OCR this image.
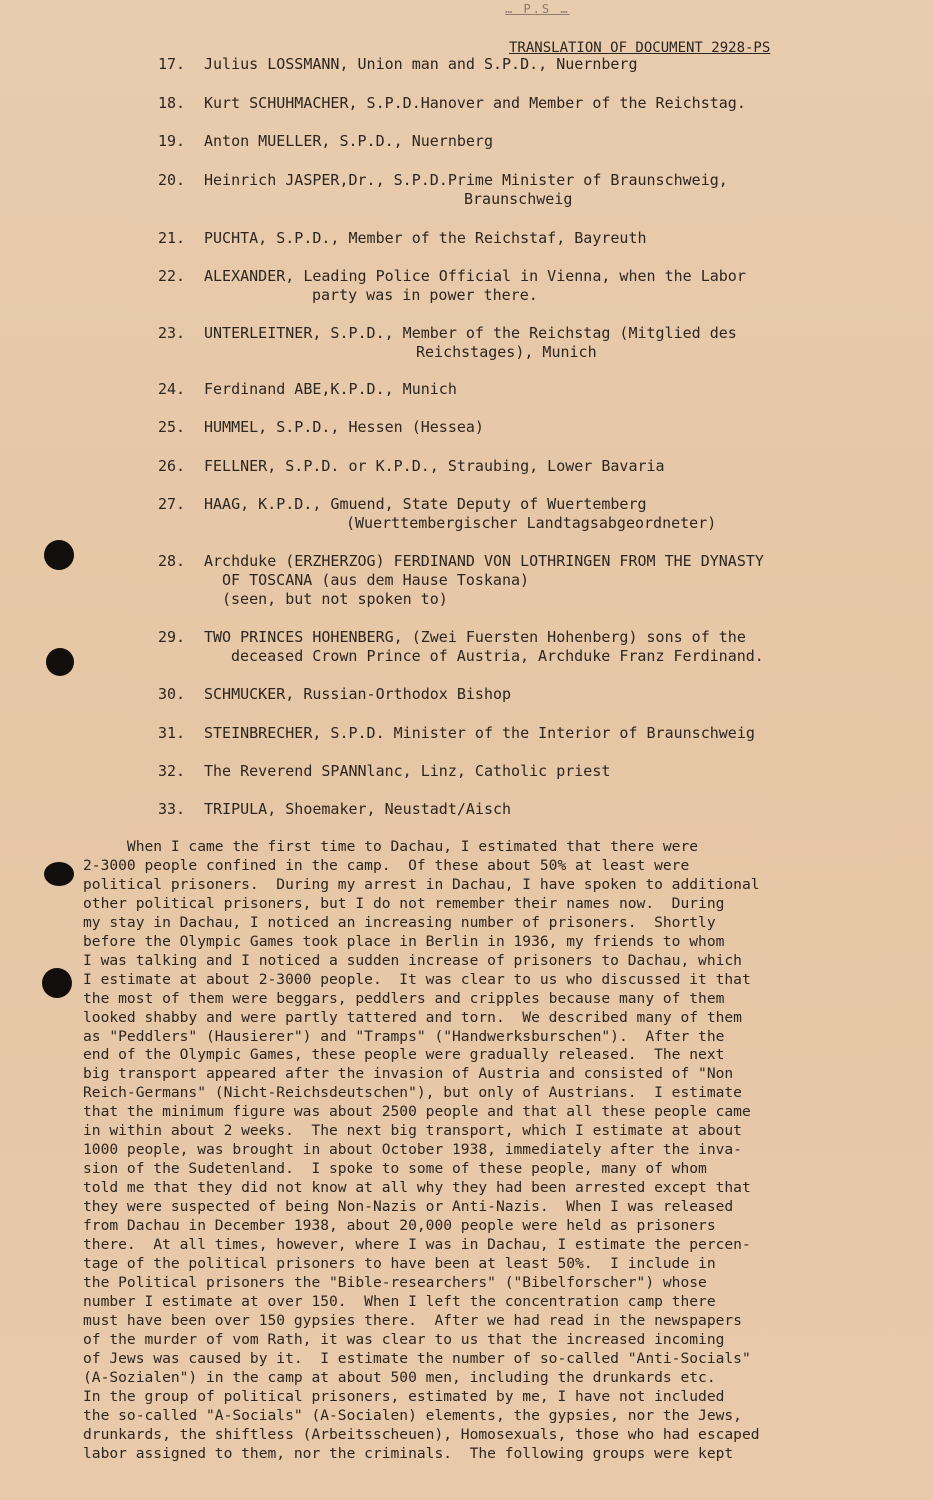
… P.S …
TRANSLATION OF DOCUMENT 2928-PS
17. Julius LOSSMANN, Union man and S.P.D., Nuernberg
18. Kurt SCHUHMACHER, S.P.D.Hanover and Member of the Reichstag.
19. Anton MUELLER, S.P.D., Nuernberg
20. Heinrich JASPER,Dr., S.P.D.Prime Minister of Braunschweig,
Braunschweig
21. PUCHTA, S.P.D., Member of the Reichstaf, Bayreuth
22. ALEXANDER, Leading Police Official in Vienna, when the Labor
party was in power there.
23. UNTERLEITNER, S.P.D., Member of the Reichstag (Mitglied des
Reichstages), Munich
24. Ferdinand ABE,K.P.D., Munich
25. HUMMEL, S.P.D., Hessen (Hessea)
26. FELLNER, S.P.D. or K.P.D., Straubing, Lower Bavaria
27. HAAG, K.P.D., Gmuend, State Deputy of Wuertemberg
(Wuerttembergischer Landtagsabgeordneter)
28. Archduke (ERZHERZOG) FERDINAND VON LOTHRINGEN FROM THE DYNASTY
OF TOSCANA (aus dem Hause Toskana)
(seen, but not spoken to)
29. TWO PRINCES HOHENBERG, (Zwei Fuersten Hohenberg) sons of the
deceased Crown Prince of Austria, Archduke Franz Ferdinand.
30. SCHMUCKER, Russian-Orthodox Bishop
31. STEINBRECHER, S.P.D. Minister of the Interior of Braunschweig
32. The Reverend SPANNlanc, Linz, Catholic priest
33. TRIPULA, Shoemaker, Neustadt/Aisch
When I came the first time to Dachau, I estimated that there were
2-3000 people confined in the camp.  Of these about 50% at least were
political prisoners.  During my arrest in Dachau, I have spoken to additional
other political prisoners, but I do not remember their names now.  During
my stay in Dachau, I noticed an increasing number of prisoners.  Shortly
before the Olympic Games took place in Berlin in 1936, my friends to whom
I was talking and I noticed a sudden increase of prisoners to Dachau, which
I estimate at about 2-3000 people.  It was clear to us who discussed it that
the most of them were beggars, peddlers and cripples because many of them
looked shabby and were partly tattered and torn.  We described many of them
as "Peddlers" (Hausierer") and "Tramps" ("Handwerksburschen").  After the
end of the Olympic Games, these people were gradually released.  The next
big transport appeared after the invasion of Austria and consisted of "Non
Reich-Germans" (Nicht-Reichsdeutschen"), but only of Austrians.  I estimate
that the minimum figure was about 2500 people and that all these people came
in within about 2 weeks.  The next big transport, which I estimate at about
1000 people, was brought in about October 1938, immediately after the inva-
sion of the Sudetenland.  I spoke to some of these people, many of whom
told me that they did not know at all why they had been arrested except that
they were suspected of being Non-Nazis or Anti-Nazis.  When I was released
from Dachau in December 1938, about 20,000 people were held as prisoners
there.  At all times, however, where I was in Dachau, I estimate the percen-
tage of the political prisoners to have been at least 50%.  I include in
the Political prisoners the "Bible-researchers" ("Bibelforscher") whose
number I estimate at over 150.  When I left the concentration camp there
must have been over 150 gypsies there.  After we had read in the newspapers
of the murder of vom Rath, it was clear to us that the increased incoming
of Jews was caused by it.  I estimate the number of so-called "Anti-Socials"
(A-Sozialen") in the camp at about 500 men, including the drunkards etc.
In the group of political prisoners, estimated by me, I have not included
the so-called "A-Socials" (A-Socialen) elements, the gypsies, nor the Jews,
drunkards, the shiftless (Arbeitsscheuen), Homosexuals, those who had escaped
labor assigned to them, nor the criminals.  The following groups were kept
